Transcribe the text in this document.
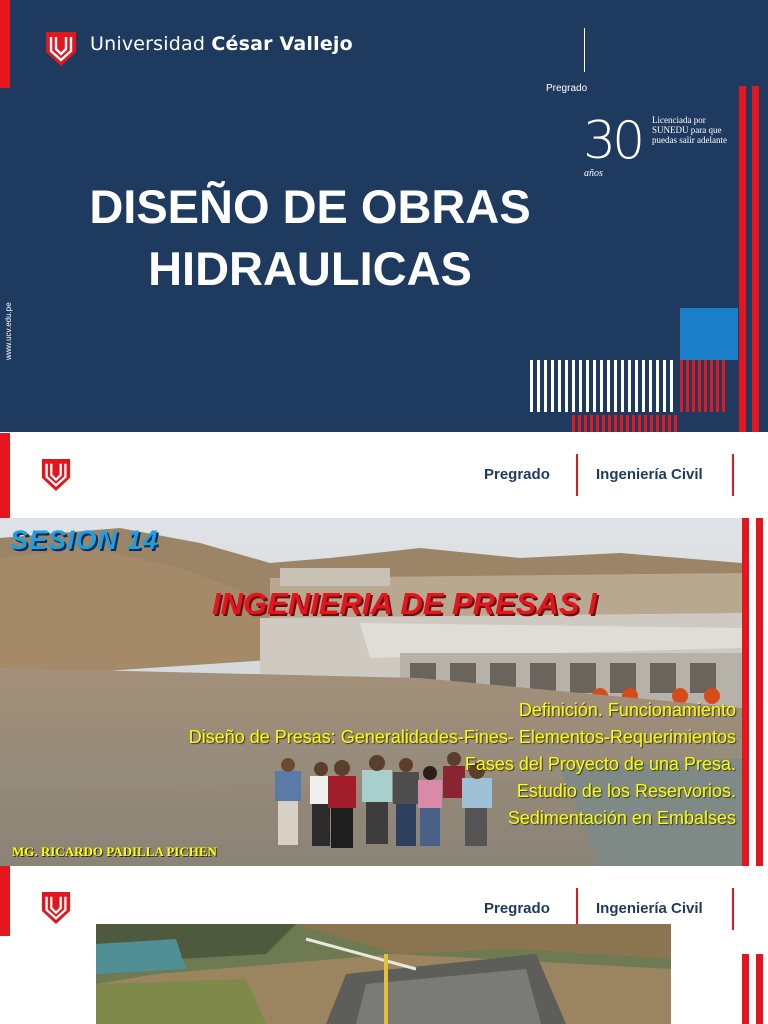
Universidad César Vallejo
Pregrado
30
años
Licenciada por SUNEDU para que puedas salir adelante
DISEÑO DE OBRAS
HIDRAULICAS
www.ucv.edu.pe
Pregrado	Ingeniería Civil
SESION 14
INGENIERIA DE PRESAS I
Definición. Funcionamiento
Diseño de Presas: Generalidades-Fines- Elementos-Requerimientos
Fases del Proyecto de una Presa.
Estudio de los Reservorios.
Sedimentación en Embalses
MG. RICARDO PADILLA PICHEN
Pregrado	Ingeniería Civil
